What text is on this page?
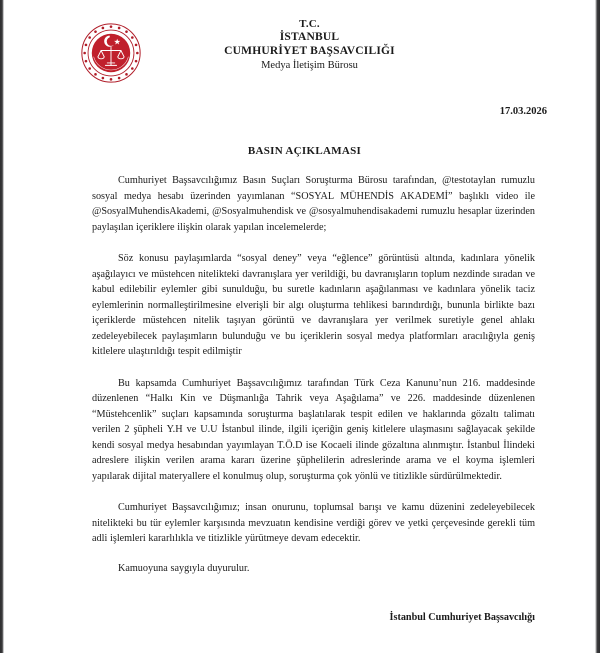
T.C.
İSTANBUL
CUMHURİYET BAŞSAVCILIĞI
Medya İletişim Bürosu
17.03.2026
BASIN AÇIKLAMASI

Cumhuriyet Başsavcılığımız Basın Suçları Soruşturma Bürosu tarafından, @testotaylan rumuzlu sosyal medya hesabı üzerinden yayımlanan “SOSYAL MÜHENDİS AKADEMİ” başlıklı video ile @SosyalMuhendisAkademi, @Sosyalmuhendisk ve @sosyalmuhendisakademi rumuzlu hesaplar üzerinden paylaşılan içeriklere ilişkin olarak yapılan incelemelerde;

Söz konusu paylaşımlarda “sosyal deney” veya “eğlence” görüntüsü altında, kadınlara yönelik aşağılayıcı ve müstehcen nitelikteki davranışlara yer verildiği, bu davranışların toplum nezdinde sıradan ve kabul edilebilir eylemler gibi sunulduğu, bu suretle kadınların aşağılanması ve kadınlara yönelik taciz eylemlerinin normalleştirilmesine elverişli bir algı oluşturma tehlikesi barındırdığı, bununla birlikte bazı içeriklerde müstehcen nitelik taşıyan görüntü ve davranışlara yer verilmek suretiyle genel ahlakı zedeleyebilecek paylaşımların bulunduğu ve bu içeriklerin sosyal medya platformları aracılığıyla geniş kitlelere ulaştırıldığı tespit edilmiştir

Bu kapsamda Cumhuriyet Başsavcılığımız tarafından Türk Ceza Kanunu’nun 216. maddesinde düzenlenen “Halkı Kin ve Düşmanlığa Tahrik veya Aşağılama” ve 226. maddesinde düzenlenen “Müstehcenlik” suçları kapsamında soruşturma başlatılarak tespit edilen ve haklarında gözaltı talimatı verilen 2 şüpheli Y.H ve U.U İstanbul ilinde, ilgili içeriğin geniş kitlelere ulaşmasını sağlayacak şekilde kendi sosyal medya hesabından yayımlayan T.Ö.D ise Kocaeli ilinde gözaltına alınmıştır. İstanbul İlindeki adreslere ilişkin verilen arama kararı üzerine şüphelilerin adreslerinde arama ve el koyma işlemleri yapılarak dijital materyallere el konulmuş olup, soruşturma çok yönlü ve titizlikle sürdürülmektedir.

Cumhuriyet Başsavcılığımız; insan onurunu, toplumsal barışı ve kamu düzenini zedeleyebilecek nitelikteki bu tür eylemler karşısında mevzuatın kendisine verdiği görev ve yetki çerçevesinde gerekli tüm adli işlemleri kararlılıkla ve titizlikle yürütmeye devam edecektir.

Kamuoyuna saygıyla duyurulur.

İstanbul Cumhuriyet Başsavcılığı
